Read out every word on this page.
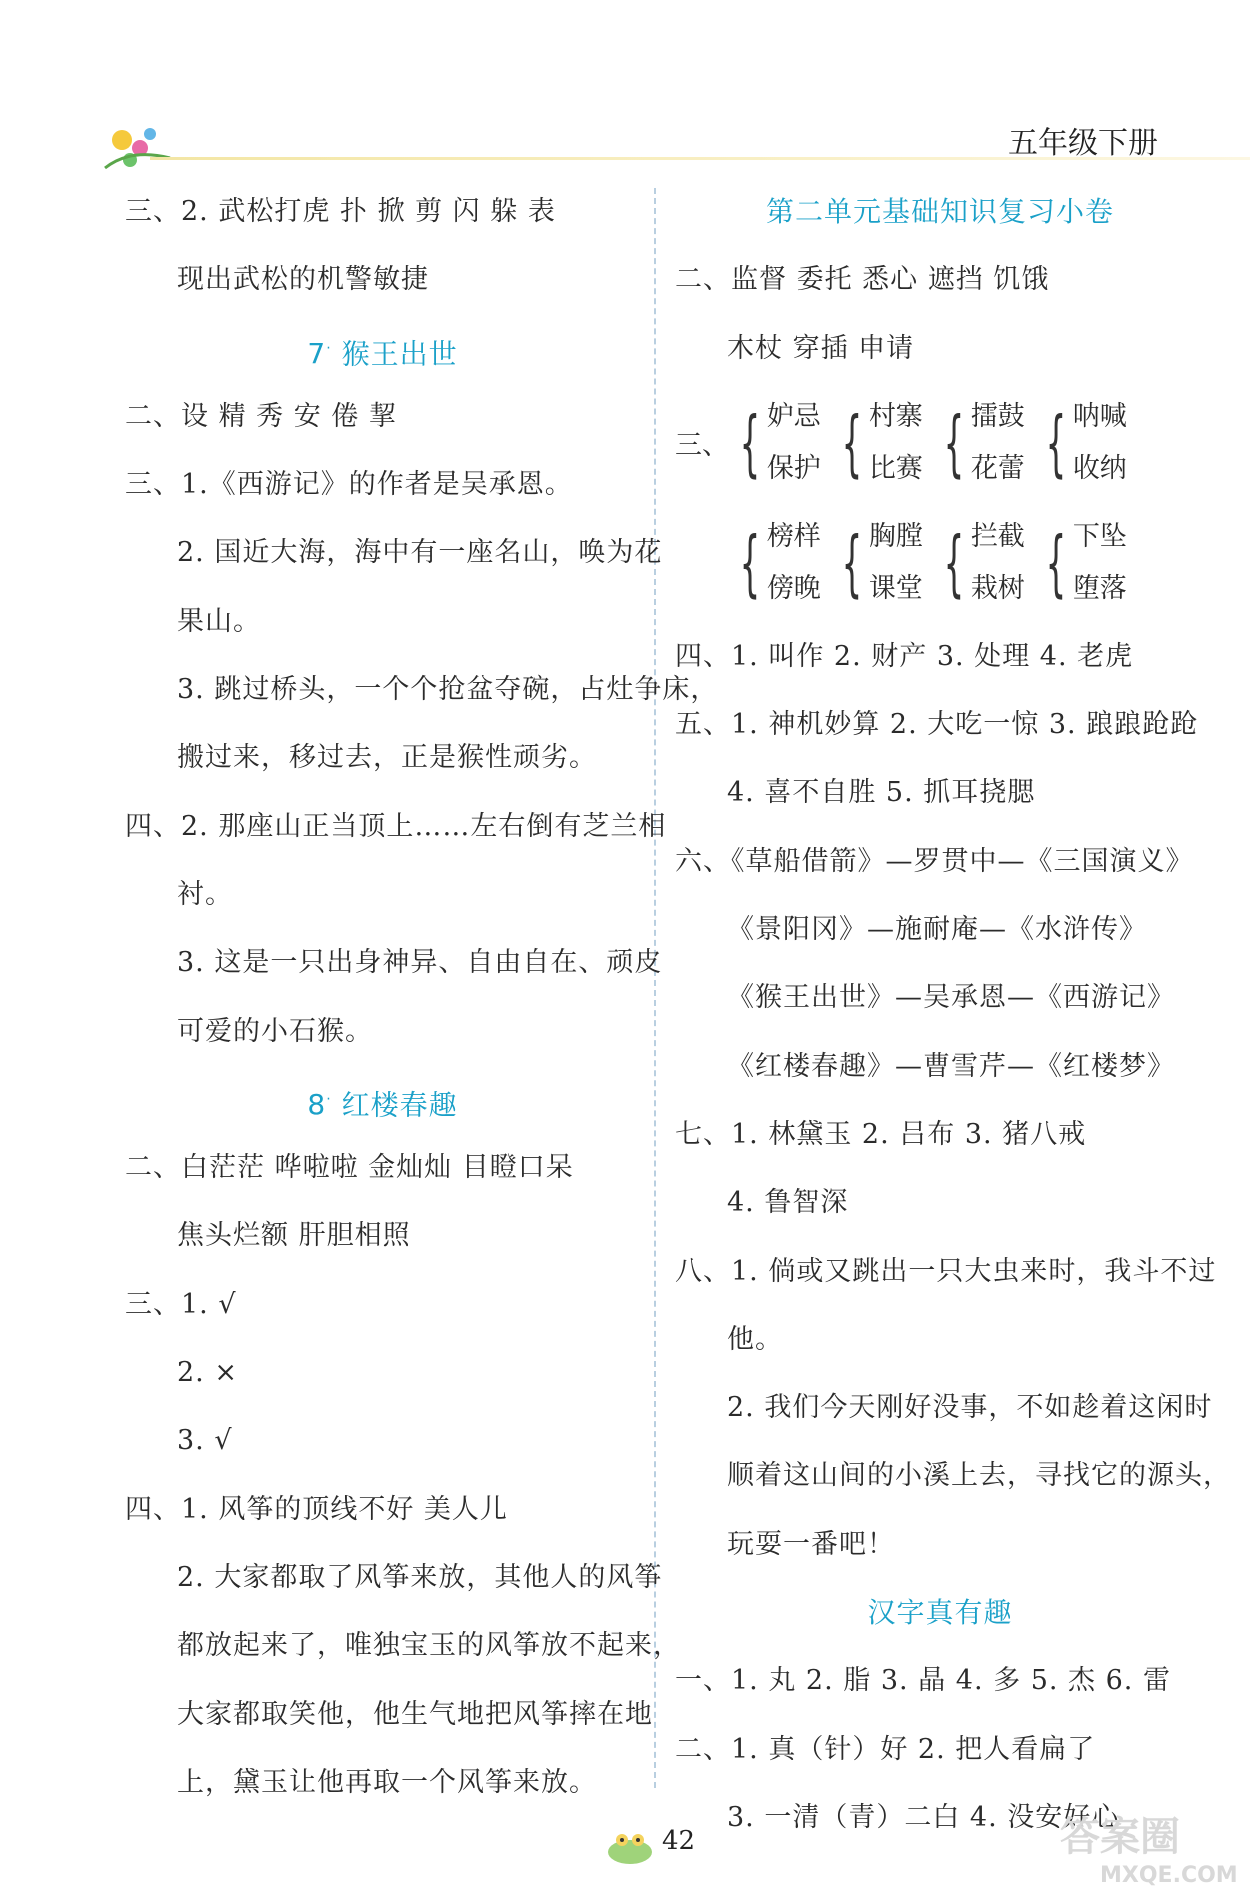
五年级下册
三、2. 武松打虎 扑 掀 剪 闪 躲 表
现出武松的机警敏捷
7· 猴王出世
二、设 精 秀 安 倦 挈
三、1.《西游记》的作者是吴承恩。
2. 国近大海，海中有一座名山，唤为花
果山。
3. 跳过桥头，一个个抢盆夺碗，占灶争床，
搬过来，移过去，正是猴性顽劣。
四、2. 那座山正当顶上……左右倒有芝兰相
衬。
3. 这是一只出身神异、自由自在、顽皮
可爱的小石猴。
8· 红楼春趣
二、白茫茫 哗啦啦 金灿灿 目瞪口呆
焦头烂额 肝胆相照
三、1. √
2. ×
3. √
四、1. 风筝的顶线不好 美人儿
2. 大家都取了风筝来放，其他人的风筝
都放起来了，唯独宝玉的风筝放不起来，
大家都取笑他，他生气地把风筝摔在地
上，黛玉让他再取一个风筝来放。
第二单元基础知识复习小卷
二、监督 委托 悉心 遮挡 饥饿
木杖 穿插 申请
三、 { 妒忌
保护 { 村寨
比赛 { 擂鼓
花蕾 { 呐喊
收纳
{ 榜样
傍晚 { 胸膛
课堂 { 拦截
栽树 { 下坠
堕落
四、1. 叫作 2. 财产 3. 处理 4. 老虎
五、1. 神机妙算 2. 大吃一惊 3. 踉踉跄跄
4. 喜不自胜 5. 抓耳挠腮
六、《草船借箭》—罗贯中—《三国演义》
《景阳冈》—施耐庵—《水浒传》
《猴王出世》—吴承恩—《西游记》
《红楼春趣》—曹雪芹—《红楼梦》
七、1. 林黛玉 2. 吕布 3. 猪八戒
4. 鲁智深
八、1. 倘或又跳出一只大虫来时，我斗不过
他。
2. 我们今天刚好没事，不如趁着这闲时
顺着这山间的小溪上去，寻找它的源头，
玩耍一番吧！
汉字真有趣
一、1. 丸 2. 脂 3. 晶 4. 多 5. 杰 6. 雷
二、1. 真（针）好 2. 把人看扁了
3. 一清（青）二白 4. 没安好心
42	答案圈
MXQE.COM
